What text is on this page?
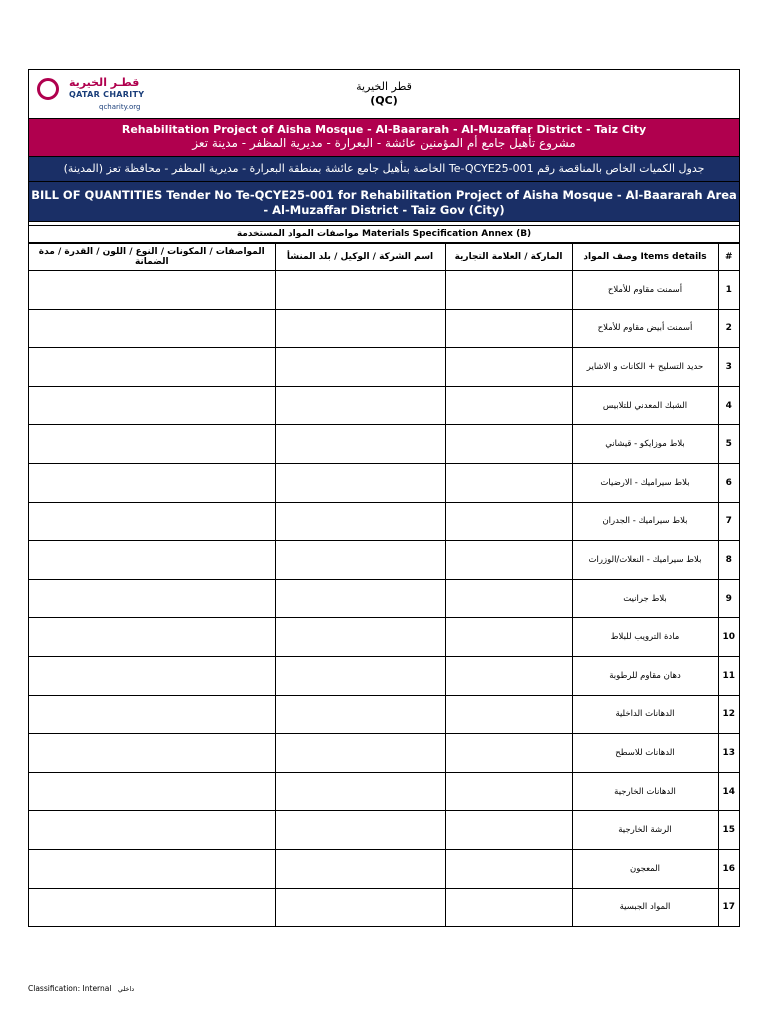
قطـر الخيرية
QATAR CHARITY
qcharity.org
قطر الخيرية
(QC)
Rehabilitation Project of Aisha Mosque - Al-Baararah - Al-Muzaffar District - Taiz City
مشروع تأهيل جامع أم المؤمنين عائشة - البعرارة - مديرية المظفر - مدينة تعز
جدول الكميات الخاص بالمناقصة رقم Te-QCYE25-001 الخاصة بتأهيل جامع عائشة بمنطقة البعرارة - مديرية المظفر - محافظة تعز (المدينة)
BILL OF QUANTITIES Tender No Te-QCYE25-001 for Rehabilitation Project of Aisha Mosque - Al-Baararah Area - Al-Muzaffar District - Taiz Gov (City)
مواصفات المواد المستخدمة Materials Specification Annex (B)
المواصفات / المكونات / النوع / اللون / القدرة / مدة الضمانة	اسم الشركة / الوكيل / بلد المنشأ	الماركة / العلامة التجارية	وصف المواد Items details	#
			أسمنت مقاوم للأملاح	1
			أسمنت أبيض مقاوم للأملاح	2
			حديد التسليح + الكانات و الاشاير	3
			الشبك المعدني للتلابيس	4
			بلاط موزايكو - قيشاني	5
			بلاط سيراميك - الارضيات	6
			بلاط سيراميك - الجدران	7
			بلاط سيراميك - النعلات/الوزرات	8
			بلاط جرانيت	9
			مادة الترويب للبلاط	10
			دهان مقاوم للرطوبة	11
			الدهانات الداخلية	12
			الدهانات للاسطح	13
			الدهانات الخارجية	14
			الرشة الخارجية	15
			المعجون	16
			المواد الجبسية	17
Classification: Internal داخلي
